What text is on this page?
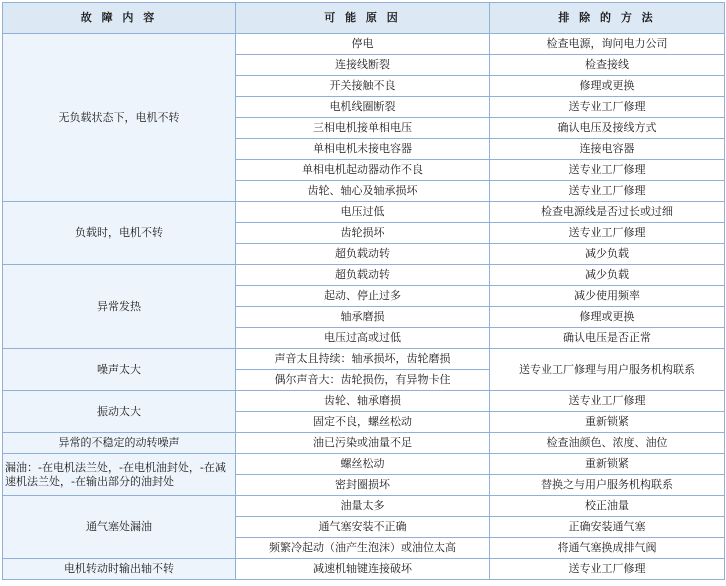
故 障 内 容	可 能 原 因	排 除 的 方 法
无负载状态下，电机不转	停电	检查电源，询问电力公司
	连接线断裂	检查接线
	开关接触不良	修理或更换
	电机线圈断裂	送专业工厂修理
	三相电机接单相电压	确认电压及接线方式
	单相电机未接电容器	连接电容器
	单相电机起动器动作不良	送专业工厂修理
	齿轮、轴心及轴承损坏	送专业工厂修理
负载时，电机不转	电压过低	检查电源线是否过长或过细
	齿轮损坏	送专业工厂修理
	超负载动转	减少负载
异常发热	超负载动转	减少负载
	起动、停止过多	减少使用频率
	轴承磨损	修理或更换
	电压过高或过低	确认电压是否正常
噪声太大	声音太且持续：轴承损坏，齿轮磨损	送专业工厂修理与用户服务机构联系
	偶尔声音大：齿轮损伤，有异物卡住	
振动太大	齿轮、轴承磨损	送专业工厂修理
	固定不良，螺丝松动	重新锁紧
异常的不稳定的动转噪声	油已污染或油量不足	检查油颜色、浓度、油位
漏油：-在电机法兰处，-在电机油封处，-在减速机法兰处，-在输出部分的油封处	螺丝松动	重新锁紧
	密封圈损坏	替换之与用户服务机构联系
通气塞处漏油	油量太多	校正油量
	通气塞安装不正确	正确安装通气塞
	频繁冷起动（油产生泡沫）或油位太高	将通气塞换成排气阀
电机转动时输出轴不转	减速机轴键连接破坏	送专业工厂修理
